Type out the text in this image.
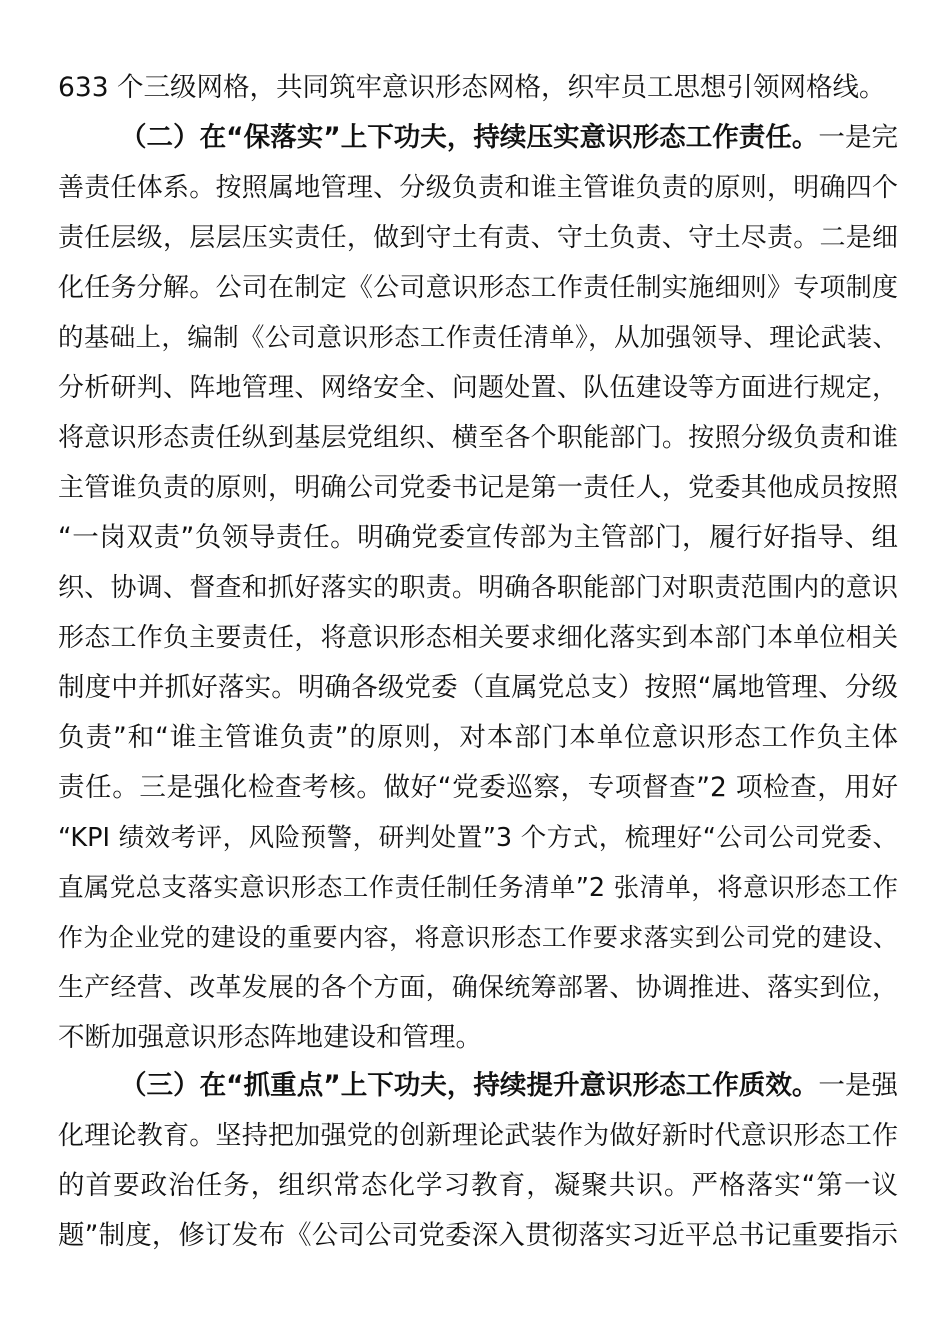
633 个三级网格，共同筑牢意识形态网格，织牢员工思想引领网格线。
（二）在“保落实”上下功夫，持续压实意识形态工作责任。一是完
善责任体系。按照属地管理、分级负责和谁主管谁负责的原则，明确四个
责任层级，层层压实责任，做到守土有责、守土负责、守土尽责。二是细
化任务分解。公司在制定《公司意识形态工作责任制实施细则》专项制度
的基础上，编制《公司意识形态工作责任清单》，从加强领导、理论武装、
分析研判、阵地管理、网络安全、问题处置、队伍建设等方面进行规定，
将意识形态责任纵到基层党组织、横至各个职能部门。按照分级负责和谁
主管谁负责的原则，明确公司党委书记是第一责任人，党委其他成员按照
“一岗双责”负领导责任。明确党委宣传部为主管部门，履行好指导、组
织、协调、督查和抓好落实的职责。明确各职能部门对职责范围内的意识
形态工作负主要责任，将意识形态相关要求细化落实到本部门本单位相关
制度中并抓好落实。明确各级党委（直属党总支）按照“属地管理、分级
负责”和“谁主管谁负责”的原则，对本部门本单位意识形态工作负主体
责任。三是强化检查考核。做好“党委巡察，专项督查”2 项检查，用好
“KPI 绩效考评，风险预警，研判处置”3 个方式，梳理好“公司公司党委、
直属党总支落实意识形态工作责任制任务清单”2 张清单，将意识形态工作
作为企业党的建设的重要内容，将意识形态工作要求落实到公司党的建设、
生产经营、改革发展的各个方面，确保统筹部署、协调推进、落实到位，
不断加强意识形态阵地建设和管理。
（三）在“抓重点”上下功夫，持续提升意识形态工作质效。一是强
化理论教育。坚持把加强党的创新理论武装作为做好新时代意识形态工作
的首要政治任务，组织常态化学习教育，凝聚共识。严格落实“第一议
题”制度，修订发布《公司公司党委深入贯彻落实习近平总书记重要指示
